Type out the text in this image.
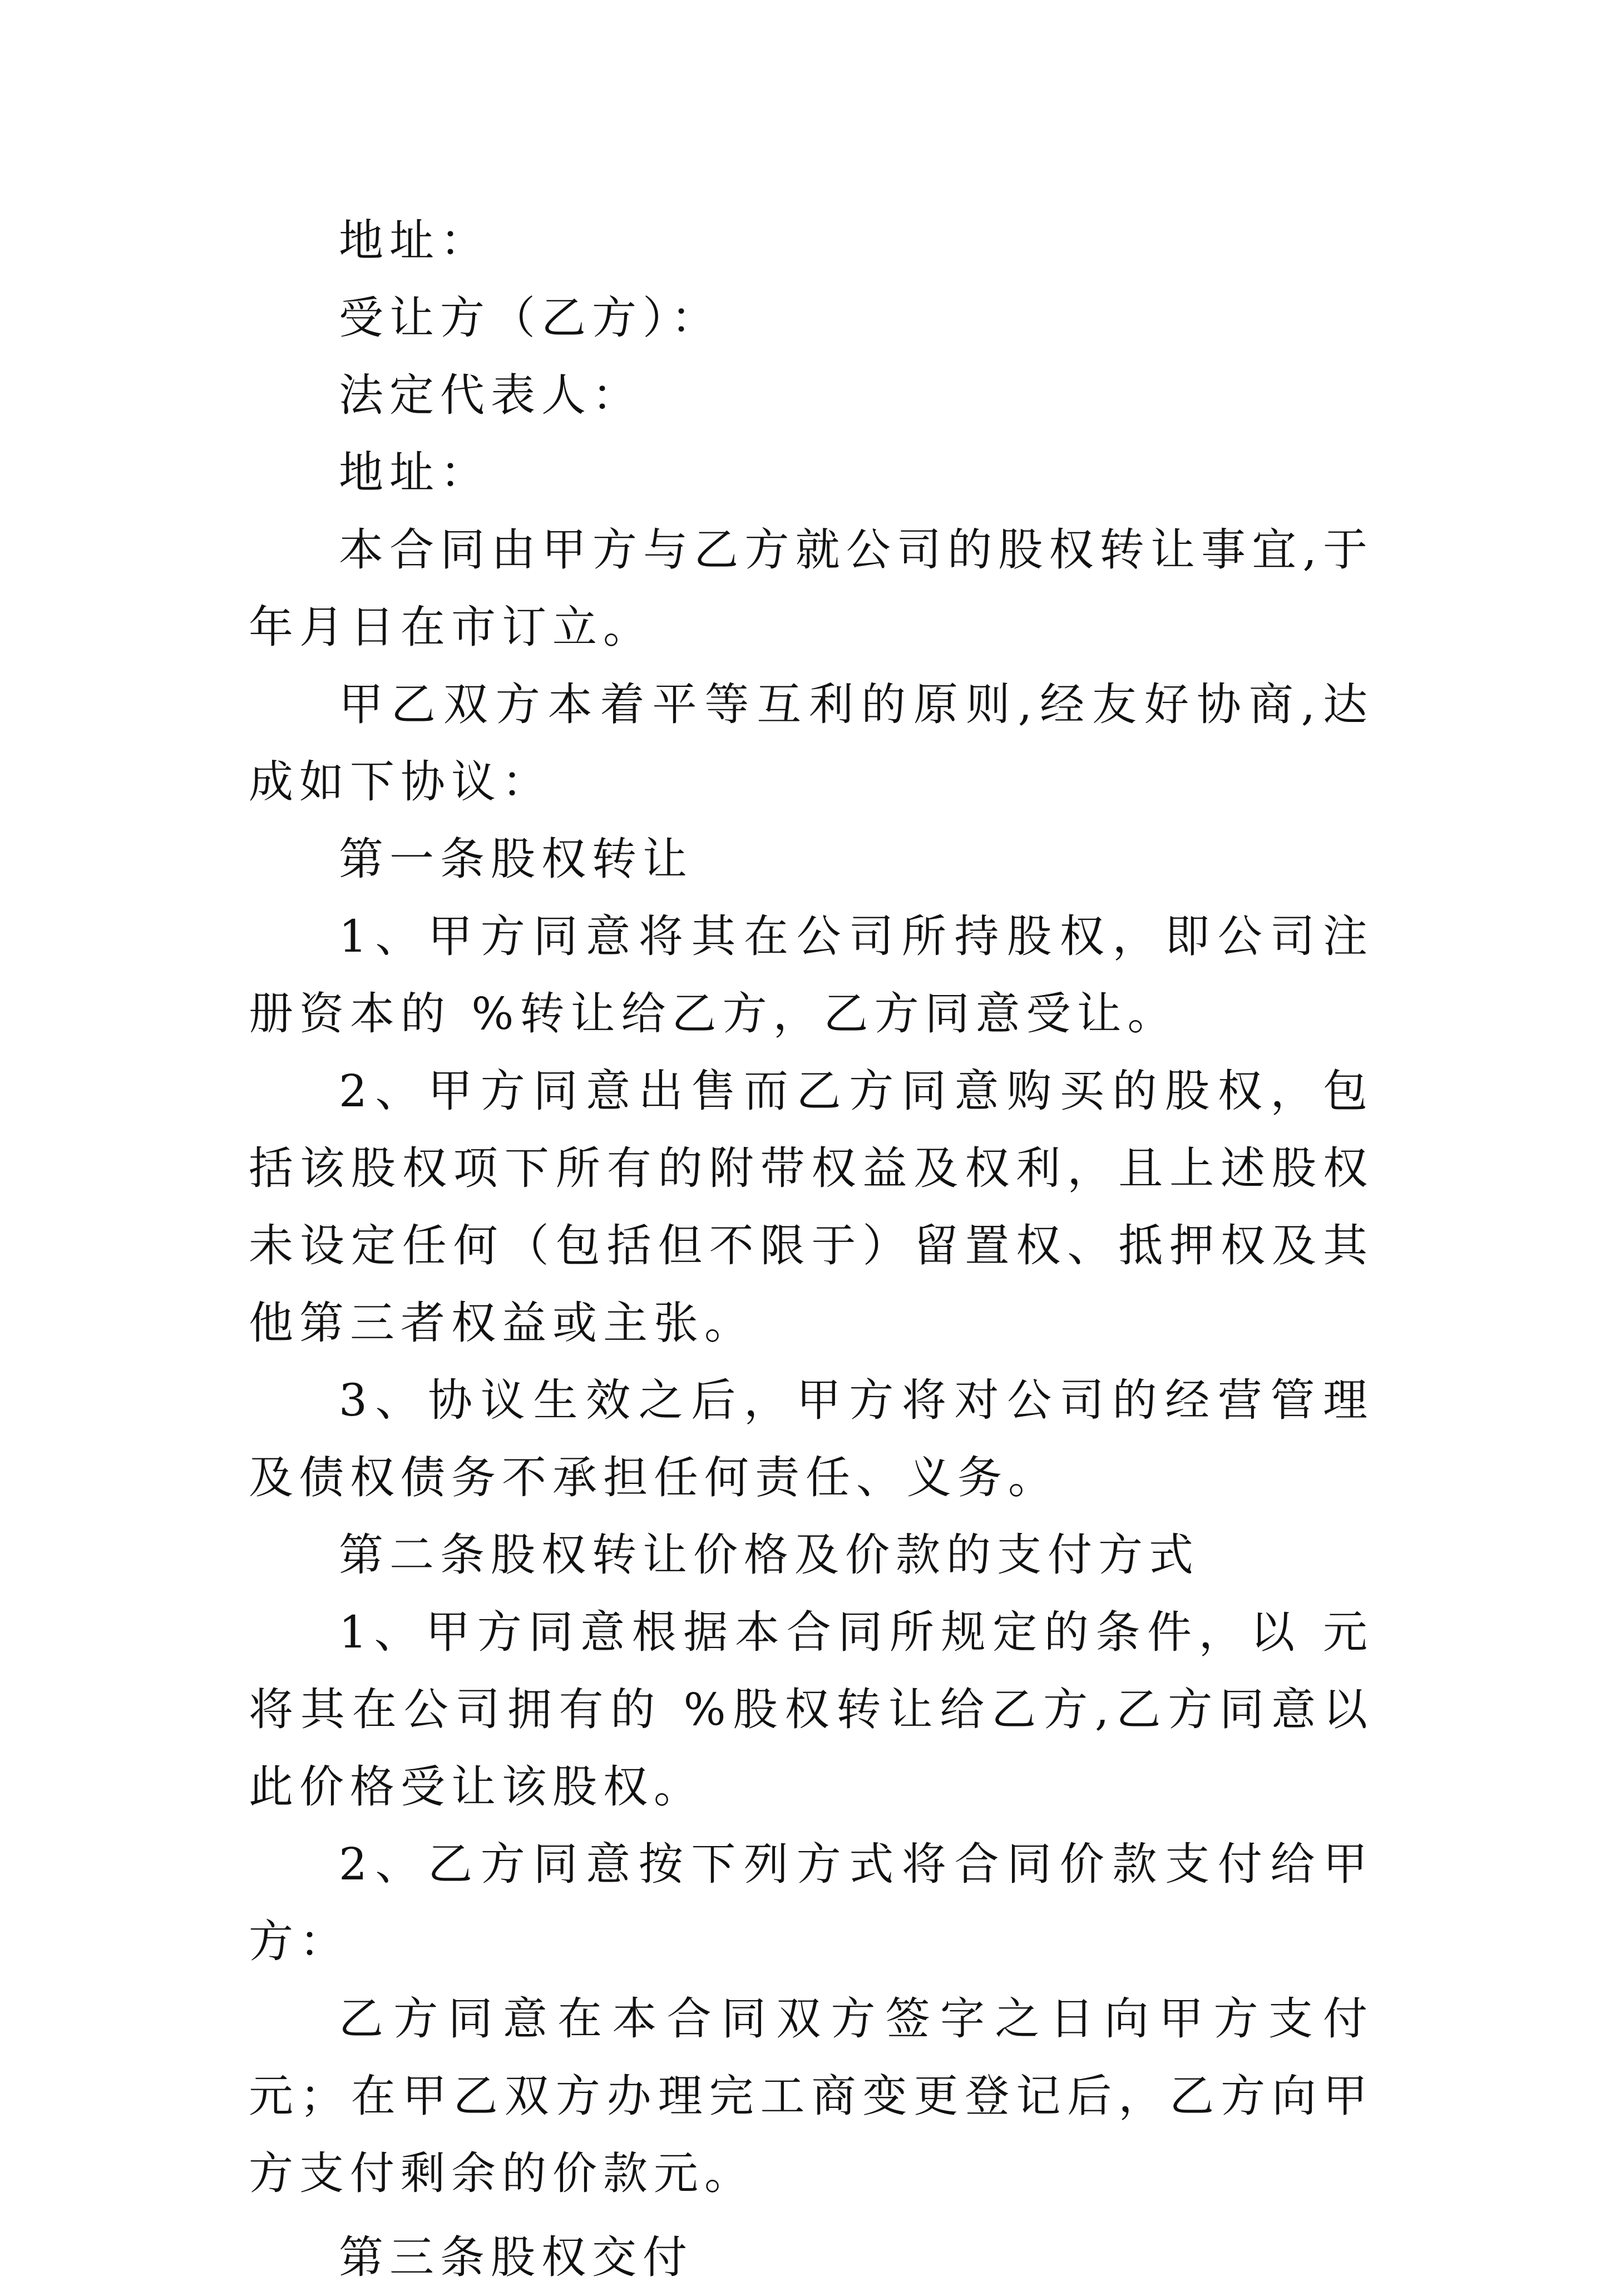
地址：

受让方（乙方）：

法定代表人：

地址：

本合同由甲方与乙方就公司的股权转让事宜,于年月日在市订立。

甲乙双方本着平等互利的原则,经友好协商,达成如下协议：

第一条股权转让

1、甲方同意将其在公司所持股权，即公司注册资本的 %转让给乙方，乙方同意受让。

2、甲方同意出售而乙方同意购买的股权，包括该股权项下所有的附带权益及权利，且上述股权未设定任何（包括但不限于）留置权、抵押权及其他第三者权益或主张。

3、协议生效之后，甲方将对公司的经营管理及债权债务不承担任何责任、义务。

第二条股权转让价格及价款的支付方式

1、甲方同意根据本合同所规定的条件，以 元将其在公司拥有的 %股权转让给乙方,乙方同意以此价格受让该股权。

2、乙方同意按下列方式将合同价款支付给甲方：

乙方同意在本合同双方签字之日向甲方支付 元；在甲乙双方办理完工商变更登记后，乙方向甲方支付剩余的价款元。

第三条股权交付
